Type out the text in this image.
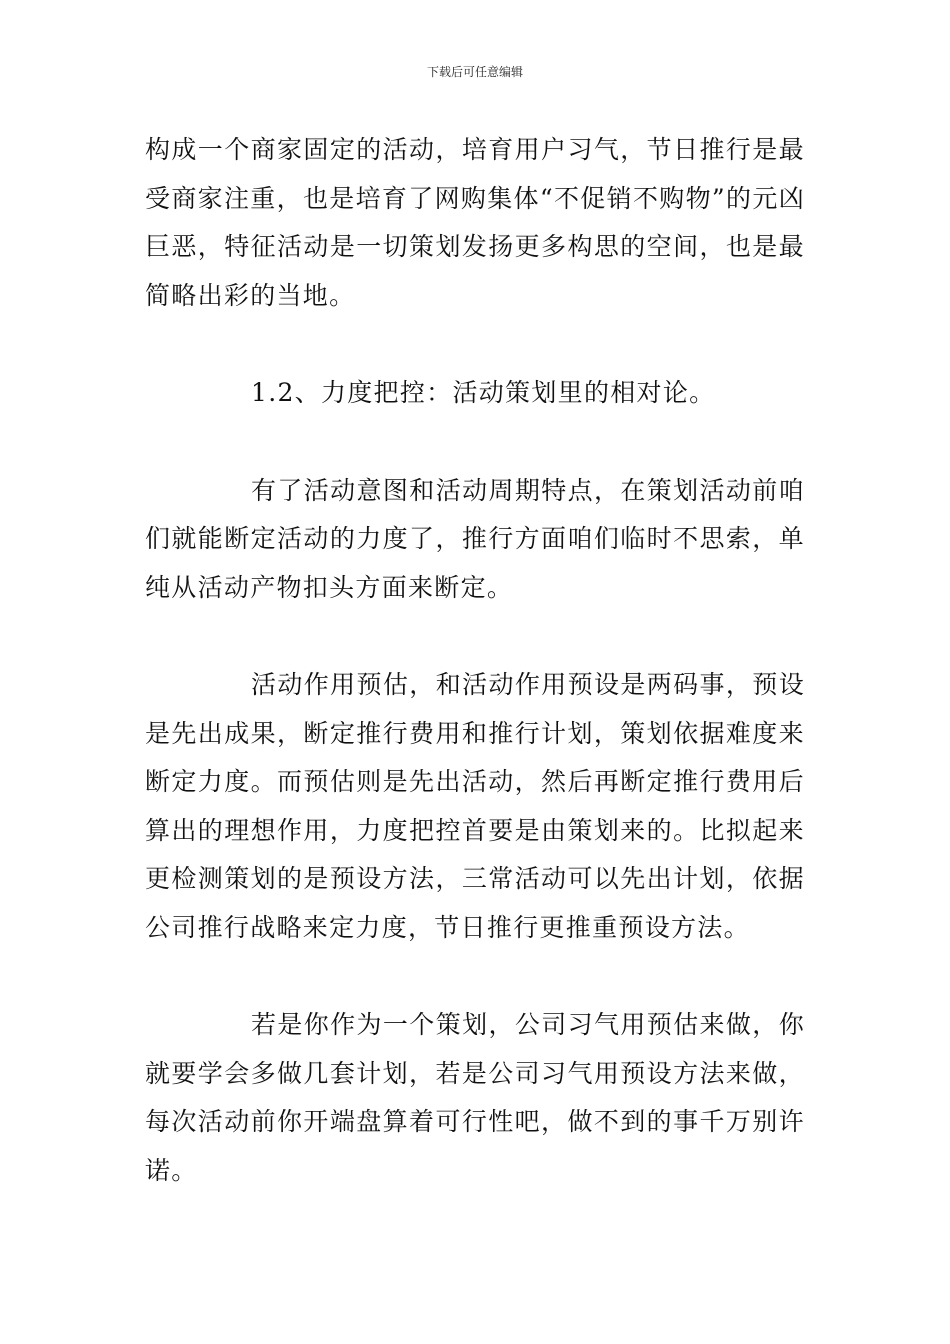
下载后可任意编辑

构成一个商家固定的活动，培育用户习气，节日推行是最受商家注重，也是培育了网购集体“不促销不购物”的元凶巨恶，特征活动是一切策划发扬更多构思的空间，也是最简略出彩的当地。

1.2、力度把控：活动策划里的相对论。

有了活动意图和活动周期特点，在策划活动前咱们就能断定活动的力度了，推行方面咱们临时不思索，单纯从活动产物扣头方面来断定。

活动作用预估，和活动作用预设是两码事，预设是先出成果，断定推行费用和推行计划，策划依据难度来断定力度。而预估则是先出活动，然后再断定推行费用后算出的理想作用，力度把控首要是由策划来的。比拟起来更检测策划的是预设方法，三常活动可以先出计划，依据公司推行战略来定力度，节日推行更推重预设方法。

若是你作为一个策划，公司习气用预估来做，你就要学会多做几套计划，若是公司习气用预设方法来做，每次活动前你开端盘算着可行性吧，做不到的事千万别许诺。
